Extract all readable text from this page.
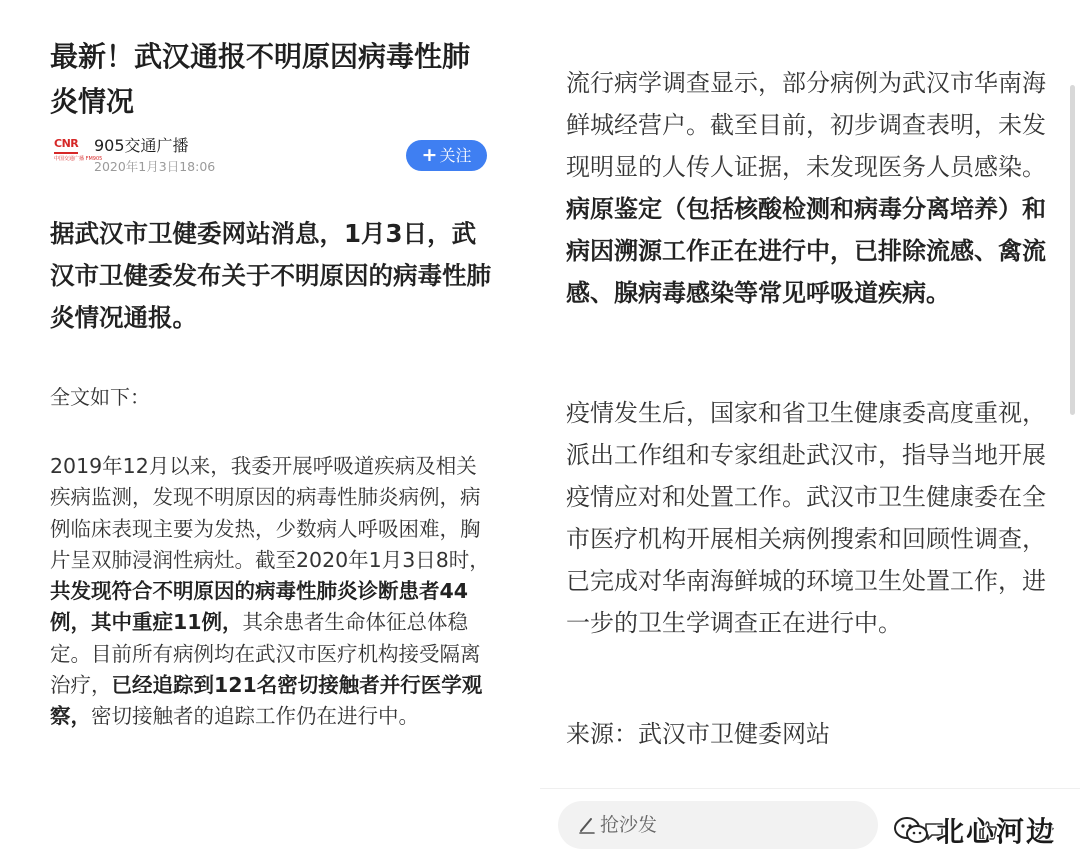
最新！武汉通报不明原因病毒性肺炎情况
CNR
中国交通广播 FM905
905交通广播
2020年1月3日18:06
+ 关注

据武汉市卫健委网站消息，1月3日，武汉市卫健委发布关于不明原因的病毒性肺炎情况通报。

全文如下：

2019年12月以来，我委开展呼吸道疾病及相关疾病监测，发现不明原因的病毒性肺炎病例，病例临床表现主要为发热，少数病人呼吸困难，胸片呈双肺浸润性病灶。截至2020年1月3日8时，共发现符合不明原因的病毒性肺炎诊断患者44例，其中重症11例，其余患者生命体征总体稳定。目前所有病例均在武汉市医疗机构接受隔离治疗，已经追踪到121名密切接触者并行医学观察，密切接触者的追踪工作仍在进行中。

流行病学调查显示，部分病例为武汉市华南海鲜城经营户。截至目前，初步调查表明，未发现明显的人传人证据，未发现医务人员感染。病原鉴定（包括核酸检测和病毒分离培养）和病因溯源工作正在进行中，已排除流感、禽流感、腺病毒感染等常见呼吸道疾病。

疫情发生后，国家和省卫生健康委高度重视，派出工作组和专家组赴武汉市，指导当地开展疫情应对和处置工作。武汉市卫生健康委在全市医疗机构开展相关病例搜索和回顾性调查，已完成对华南海鲜城的环境卫生处置工作，进一步的卫生学调查正在进行中。

来源：武汉市卫健委网站

抢沙发	北心河边
